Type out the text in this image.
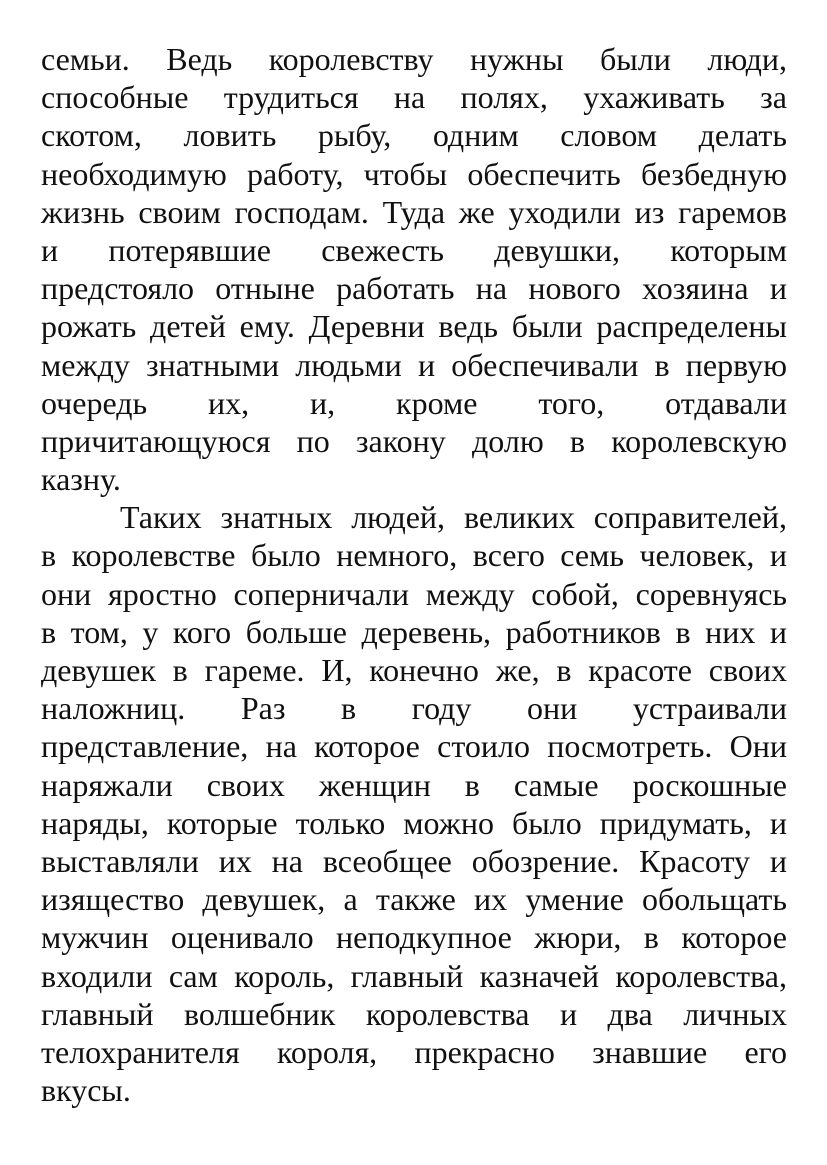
семьи. Ведь королевству нужны были люди,
способные трудиться на полях, ухаживать за
скотом, ловить рыбу, одним словом делать
необходимую работу, чтобы обеспечить безбедную
жизнь своим господам. Туда же уходили из гаремов
и потерявшие свежесть девушки, которым
предстояло отныне работать на нового хозяина и
рожать детей ему. Деревни ведь были распределены
между знатными людьми и обеспечивали в первую
очередь их, и, кроме того, отдавали
причитающуюся по закону долю в королевскую
казну.
Таких знатных людей, великих соправителей,
в королевстве было немного, всего семь человек, и
они яростно соперничали между собой, соревнуясь
в том, у кого больше деревень, работников в них и
девушек в гареме. И, конечно же, в красоте своих
наложниц. Раз в году они устраивали
представление, на которое стоило посмотреть. Они
наряжали своих женщин в самые роскошные
наряды, которые только можно было придумать, и
выставляли их на всеобщее обозрение. Красоту и
изящество девушек, а также их умение обольщать
мужчин оценивало неподкупное жюри, в которое
входили сам король, главный казначей королевства,
главный волшебник королевства и два личных
телохранителя короля, прекрасно знавшие его
вкусы.
